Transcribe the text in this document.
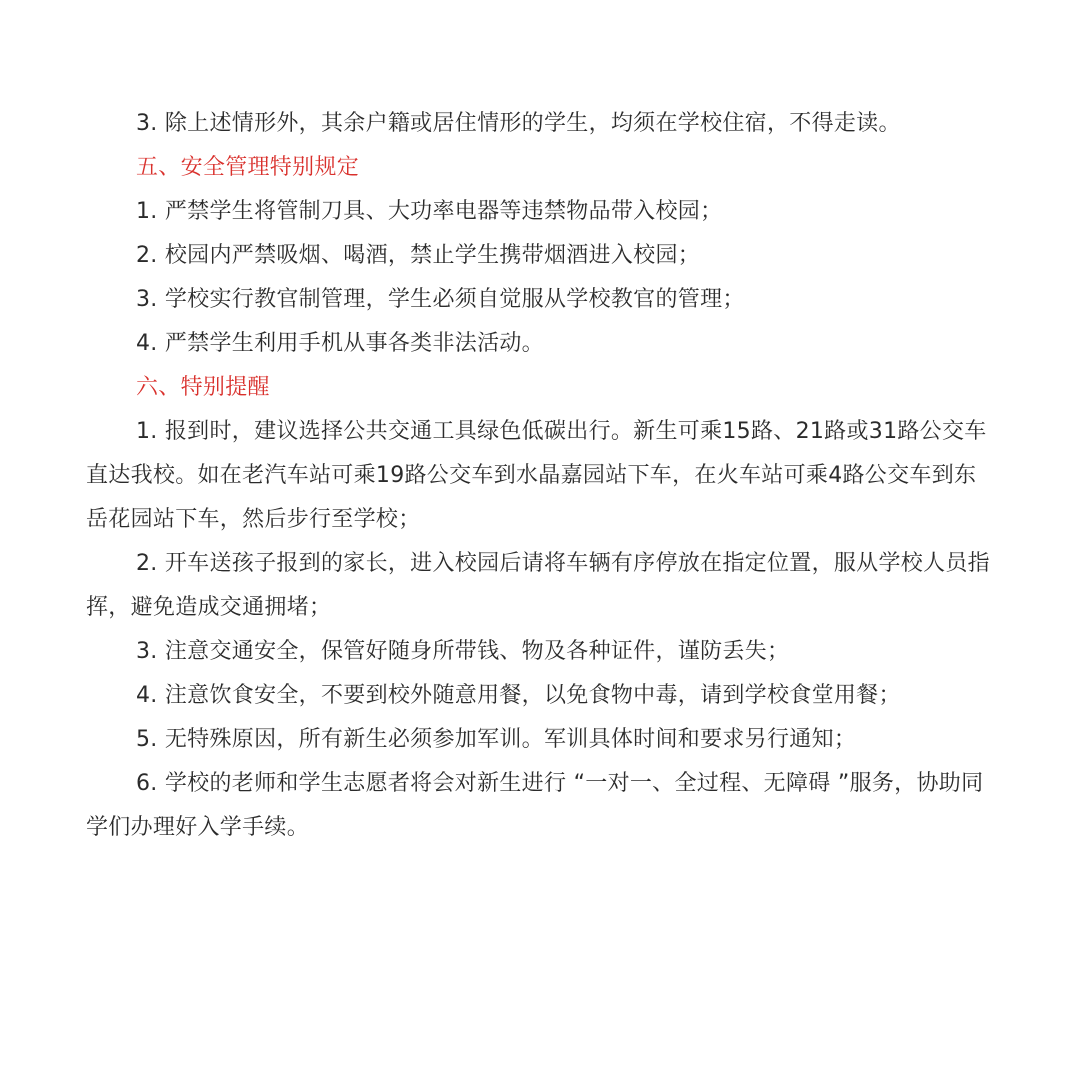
3. 除上述情形外，其余户籍或居住情形的学生，均须在学校住宿，不得走读。

五、安全管理特别规定

1. 严禁学生将管制刀具、大功率电器等违禁物品带入校园；

2. 校园内严禁吸烟、喝酒，禁止学生携带烟酒进入校园；

3. 学校实行教官制管理，学生必须自觉服从学校教官的管理；

4. 严禁学生利用手机从事各类非法活动。

六、特别提醒

1. 报到时，建议选择公共交通工具绿色低碳出行。新生可乘15路、21路或31路公交车直达我校。如在老汽车站可乘19路公交车到水晶嘉园站下车，在火车站可乘4路公交车到东岳花园站下车，然后步行至学校；

2. 开车送孩子报到的家长，进入校园后请将车辆有序停放在指定位置，服从学校人员指挥，避免造成交通拥堵；

3. 注意交通安全，保管好随身所带钱、物及各种证件，谨防丢失；

4. 注意饮食安全，不要到校外随意用餐，以免食物中毒，请到学校食堂用餐；

5. 无特殊原因，所有新生必须参加军训。军训具体时间和要求另行通知；

6. 学校的老师和学生志愿者将会对新生进行 “一对一、全过程、无障碍 ”服务，协助同学们办理好入学手续。
